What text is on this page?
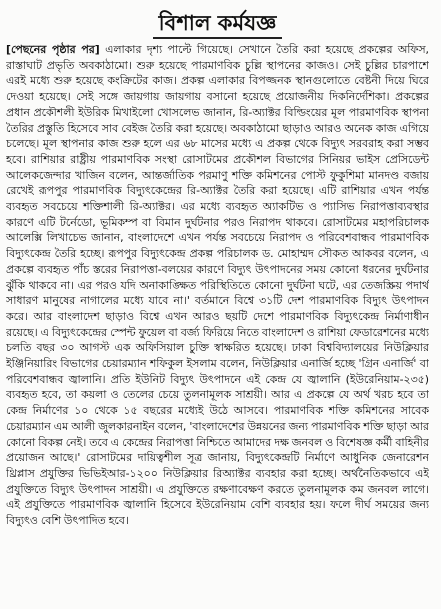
বিশাল কর্মযজ্ঞ
[পেছনের পৃষ্ঠার পর] এলাকার দৃশ্য পাল্টে গিয়েছে। সেখানে তৈরি করা হয়েছে প্রকল্পের অফিস, রাস্তাঘাট প্রভৃতি অবকাঠামো। শুরু হয়েছে পারমাণবিক চুল্লি স্থাপনের কাজও। সেই চুল্লির চারপাশে এরই মধ্যে শুরু হয়েছে কংক্রিটের কাজ। প্রকল্প এলাকার বিপজ্জনক স্থানগুলোতে বেষ্টনী দিয়ে ঘিরে দেওয়া হয়েছে। সেই সঙ্গে জায়গায় জায়গায় বসানো হয়েছে প্রয়োজনীয় দিকনির্দেশিকা। প্রকল্পের প্রধান প্রকৌশলী ইউরিক মিখাইলো খোসলেভ জানান, রি-অ্যাক্টর বিল্ডিংয়ের মূল পারমাণবিক স্থাপনা তৈরির প্রস্তুতি হিসেবে সাব বেইজ তৈরি করা হয়েছে। অবকাঠামো ছাড়াও আরও অনেক কাজ এগিয়ে চলেছে। মূল স্থাপনার কাজ শুরু হলে এর ৬৮ মাসের মধ্যে এ প্রকল্প থেকে বিদ্যুৎ সরবরাহ করা সম্ভব হবে। রাশিয়ার রাষ্ট্রীয় পারমাণবিক সংস্থা রোসাটমের প্রকৌশল বিভাগের সিনিয়র ভাইস প্রেসিডেন্ট আলেকজেন্দার খাজিন বলেন, আন্তর্জাতিক পরমাণু শক্তি কমিশনের পোস্ট ফুকুশিমা মানদণ্ড বজায় রেখেই রূপপুর পারমাণবিক বিদ্যুৎকেন্দ্রের রি-অ্যাক্টর তৈরি করা হয়েছে। এটি রাশিয়ার এখন পর্যন্ত ব্যবহৃত সবচেয়ে শক্তিশালী রি-অ্যাক্টর। এর মধ্যে ব্যবহৃত অ্যাকটিভ ও প্যাসিভ নিরাপত্তাব্যবস্থার কারণে এটি টর্নেডো, ভূমিকম্প বা বিমান দুর্ঘটনার পরও নিরাপদ থাকবে। রোসাটমের মহাপরিচালক আলেক্সি লিখাচেভ জানান, বাংলাদেশে এখন পর্যন্ত সবচেয়ে নিরাপদ ও পরিবেশবান্ধব পারমাণবিক বিদ্যুৎকেন্দ্র তৈরি হচ্ছে। রূপপুর বিদ্যুৎকেন্দ্র প্রকল্প পরিচালক ড. মোহাম্মদ সৌকত আকবর বলেন, এ প্রকল্পে ব্যবহৃত পাঁচ স্তরের নিরাপত্তা-বলয়ের কারণে বিদ্যুৎ উৎপাদনের সময় কোনো ধরনের দুর্ঘটনার ঝুঁকি থাকবে না। এর পরও যদি অনাকাঙ্ক্ষিত পরিস্থিতিতে কোনো দুর্ঘটনা ঘটে, এর তেজস্ক্রিয় পদার্থ সাধারণ মানুষের নাগালের মধ্যে যাবে না।' বর্তমানে বিশ্বে ৩১টি দেশ পারমাণবিক বিদ্যুৎ উৎপাদন করে। আর বাংলাদেশ ছাড়াও বিশ্বে এখন আরও ছয়টি দেশে পারমাণবিক বিদ্যুৎকেন্দ্র নির্মাণাধীন রয়েছে। এ বিদ্যুৎকেন্দ্রের স্পেন্ট ফুয়েল বা বর্জ্য ফিরিয়ে নিতে বাংলাদেশ ও রাশিয়া ফেডারেশনের মধ্যে চলতি বছর ৩০ আগস্ট এক অফিসিয়াল চুক্তি স্বাক্ষরিত হয়েছে। ঢাকা বিশ্ববিদ্যালয়ের নিউক্লিয়ার ইঞ্জিনিয়ারিং বিভাগের চেয়ারম্যান শফিকুল ইসলাম বলেন, নিউক্লিয়ার এনার্জি হচ্ছে 'গ্রিন এনার্জি' বা পরিবেশবান্ধব জ্বালানি। প্রতি ইউনিট বিদ্যুৎ উৎপাদনে এই কেন্দ্র যে জ্বালানি (ইউরেনিয়াম-২৩৫) ব্যবহৃত হবে, তা কয়লা ও তেলের চেয়ে তুলনামূলক সাশ্রয়ী। আর এ প্রকল্পে যে অর্থ খরচ হবে তা কেন্দ্র নির্মাণের ১০ থেকে ১৫ বছরের মধ্যেই উঠে আসবে। পারমাণবিক শক্তি কমিশনের সাবেক চেয়ারম্যান এম আলী জুলকারনাইন বলেন, 'বাংলাদেশের উন্নয়নের জন্য পারমাণবিক শক্তি ছাড়া আর কোনো বিকল্প নেই। তবে এ কেন্দ্রের নিরাপত্তা নিশ্চিতে আমাদের দক্ষ জনবল ও বিশেষজ্ঞ কর্মী বাহিনীর প্রয়োজন আছে।' রোসাটমের দায়িত্বশীল সূত্র জানায়, বিদ্যুৎকেন্দ্রটি নির্মাণে আধুনিক জেনারেশন থ্রিপ্লাস প্রযুক্তির ভিভিইআর-১২০০ নিউক্লিয়ার রিঅ্যাক্টর ব্যবহার করা হচ্ছে। অর্থনৈতিকভাবে এই প্রযুক্তিতে বিদ্যুৎ উৎপাদন সাশ্রয়ী। এ প্রযুক্তিতে রক্ষণাবেক্ষণ করতে তুলনামূলক কম জনবল লাগে। এই প্রযুক্তিতে পারমাণবিক জ্বালানি হিসেবে ইউরেনিয়াম বেশি ব্যবহার হয়। ফলে দীর্ঘ সময়ের জন্য বিদ্যুৎও বেশি উৎপাদিত হবে।
